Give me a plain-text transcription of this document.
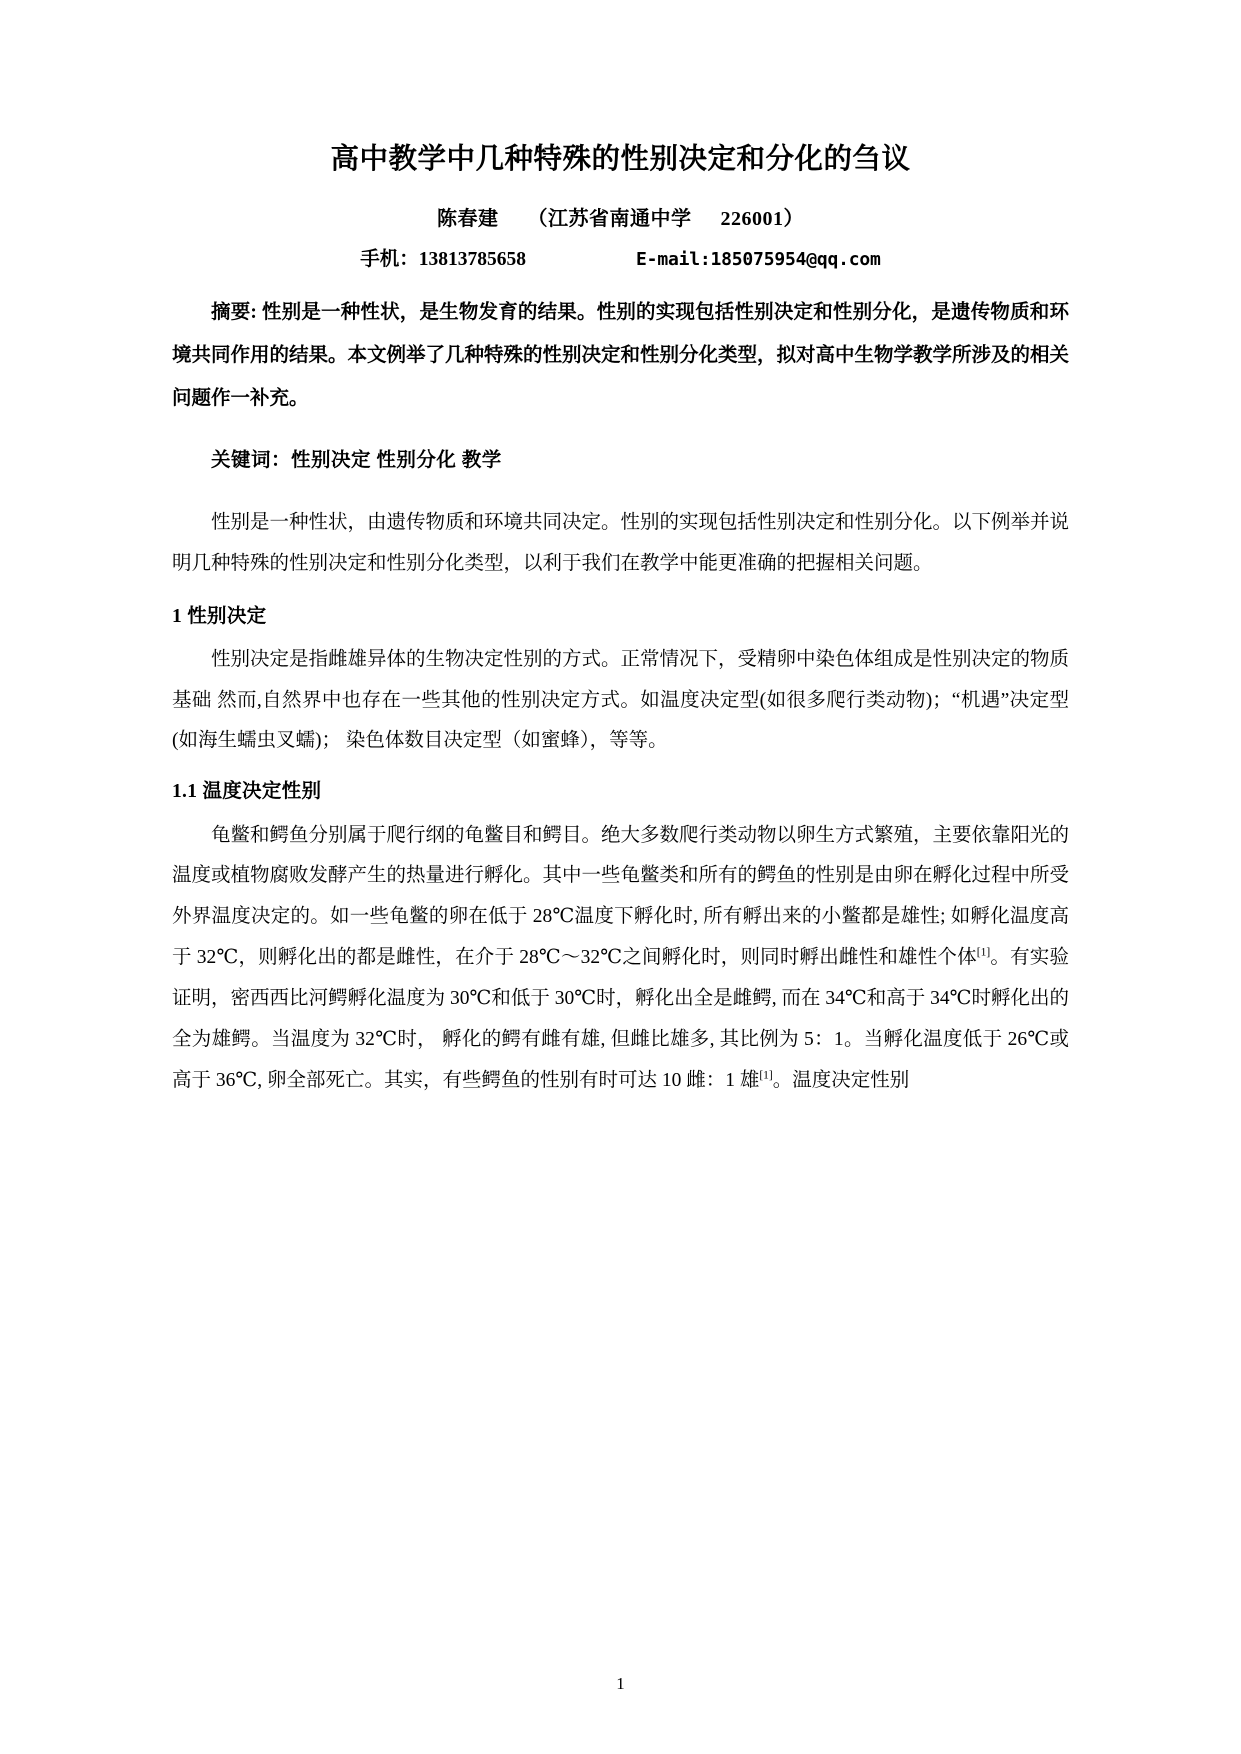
高中教学中几种特殊的性别决定和分化的刍议
陈春建 （江苏省南通中学 226001）
手机：13813785658	E-mail:185075954@qq.com

摘要: 性别是一种性状，是生物发育的结果。性别的实现包括性别决定和性别分化，是遗传物质和环境共同作用的结果。本文例举了几种特殊的性别决定和性别分化类型，拟对高中生物学教学所涉及的相关问题作一补充。

关键词：性别决定 性别分化 教学

性别是一种性状，由遗传物质和环境共同决定。性别的实现包括性别决定和性别分化。以下例举并说明几种特殊的性别决定和性别分化类型，以利于我们在教学中能更准确的把握相关问题。

1 性别决定

性别决定是指雌雄异体的生物决定性别的方式。正常情况下，受精卵中染色体组成是性别决定的物质基础 然而,自然界中也存在一些其他的性别决定方式。如温度决定型(如很多爬行类动物)；“机遇”决定型(如海生蠕虫叉蠕)； 染色体数目决定型（如蜜蜂），等等。

1.1 温度决定性别

龟鳖和鳄鱼分别属于爬行纲的龟鳖目和鳄目。绝大多数爬行类动物以卵生方式繁殖，主要依靠阳光的温度或植物腐败发酵产生的热量进行孵化。其中一些龟鳖类和所有的鳄鱼的性别是由卵在孵化过程中所受外界温度决定的。如一些龟鳖的卵在低于 28℃温度下孵化时, 所有孵出来的小鳖都是雄性; 如孵化温度高于 32℃，则孵化出的都是雌性，在介于 28℃～32℃之间孵化时，则同时孵出雌性和雄性个体[1]。有实验证明，密西西比河鳄孵化温度为 30℃和低于 30℃时，孵化出全是雌鳄, 而在 34℃和高于 34℃时孵化出的全为雄鳄。当温度为 32℃时， 孵化的鳄有雌有雄, 但雌比雄多, 其比例为 5：1。当孵化温度低于 26℃或高于 36℃, 卵全部死亡。其实，有些鳄鱼的性别有时可达 10 雌：1 雄[1]。温度决定性别

1
